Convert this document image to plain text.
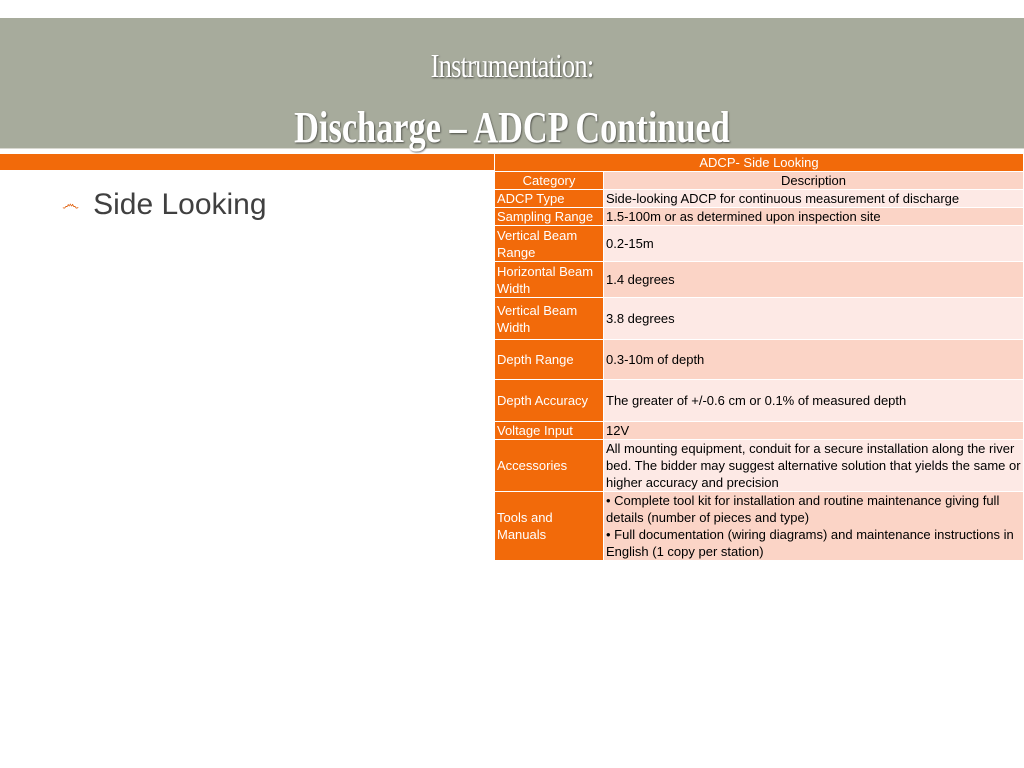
Instrumentation:
Discharge – ADCP Continued
෴ Side Looking
ADCP- Side Looking	
Category	Description
ADCP Type	Side-looking ADCP for continuous measurement of discharge
Sampling Range	1.5-100m or as determined upon inspection site
Vertical Beam Range	0.2-15m
Horizontal Beam Width	1.4 degrees
Vertical Beam Width	3.8 degrees
Depth Range	0.3-10m of depth
Depth Accuracy	The greater of +/-0.6 cm or 0.1% of measured depth
Voltage Input	12V
Accessories	All mounting equipment, conduit for a secure installation along the river bed. The bidder may suggest alternative solution that yields the same or higher accuracy and precision
Tools and Manuals	• Complete tool kit for installation and routine maintenance giving full details (number of pieces and type)
• Full documentation (wiring diagrams) and maintenance instructions in English (1 copy per station)
